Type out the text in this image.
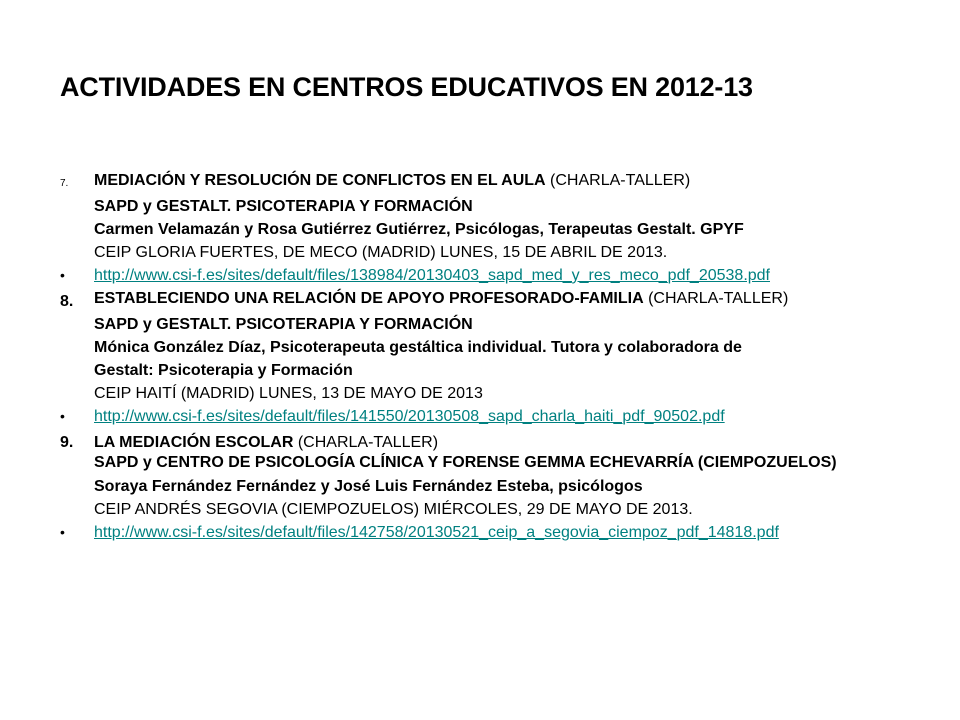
ACTIVIDADES EN CENTROS EDUCATIVOS EN 2012-13
7.	MEDIACIÓN Y RESOLUCIÓN DE CONFLICTOS EN EL AULA (CHARLA-TALLER)
SAPD y GESTALT. PSICOTERAPIA Y FORMACIÓN
Carmen Velamazán y Rosa Gutiérrez Gutiérrez, Psicólogas, Terapeutas Gestalt. GPYF
CEIP GLORIA FUERTES, DE MECO (MADRID) LUNES, 15 DE ABRIL DE 2013.
•	http://www.csi-f.es/sites/default/files/138984/20130403_sapd_med_y_res_meco_pdf_20538.pdf
8.	ESTABLECIENDO UNA RELACIÓN DE APOYO PROFESORADO-FAMILIA (CHARLA-TALLER)
SAPD y GESTALT. PSICOTERAPIA Y FORMACIÓN
Mónica González Díaz, Psicoterapeuta gestáltica individual. Tutora y colaboradora de
Gestalt: Psicoterapia y Formación
CEIP HAITÍ (MADRID) LUNES, 13 DE MAYO DE 2013
•	http://www.csi-f.es/sites/default/files/141550/20130508_sapd_charla_haiti_pdf_90502.pdf
9.	LA MEDIACIÓN ESCOLAR (CHARLA-TALLER)
SAPD y CENTRO DE PSICOLOGÍA CLÍNICA Y FORENSE GEMMA ECHEVARRÍA (CIEMPOZUELOS)
Soraya Fernández Fernández y José Luis Fernández Esteba, psicólogos
CEIP ANDRÉS SEGOVIA (CIEMPOZUELOS) MIÉRCOLES, 29 DE MAYO DE 2013.
•	http://www.csi-f.es/sites/default/files/142758/20130521_ceip_a_segovia_ciempoz_pdf_14818.pdf
